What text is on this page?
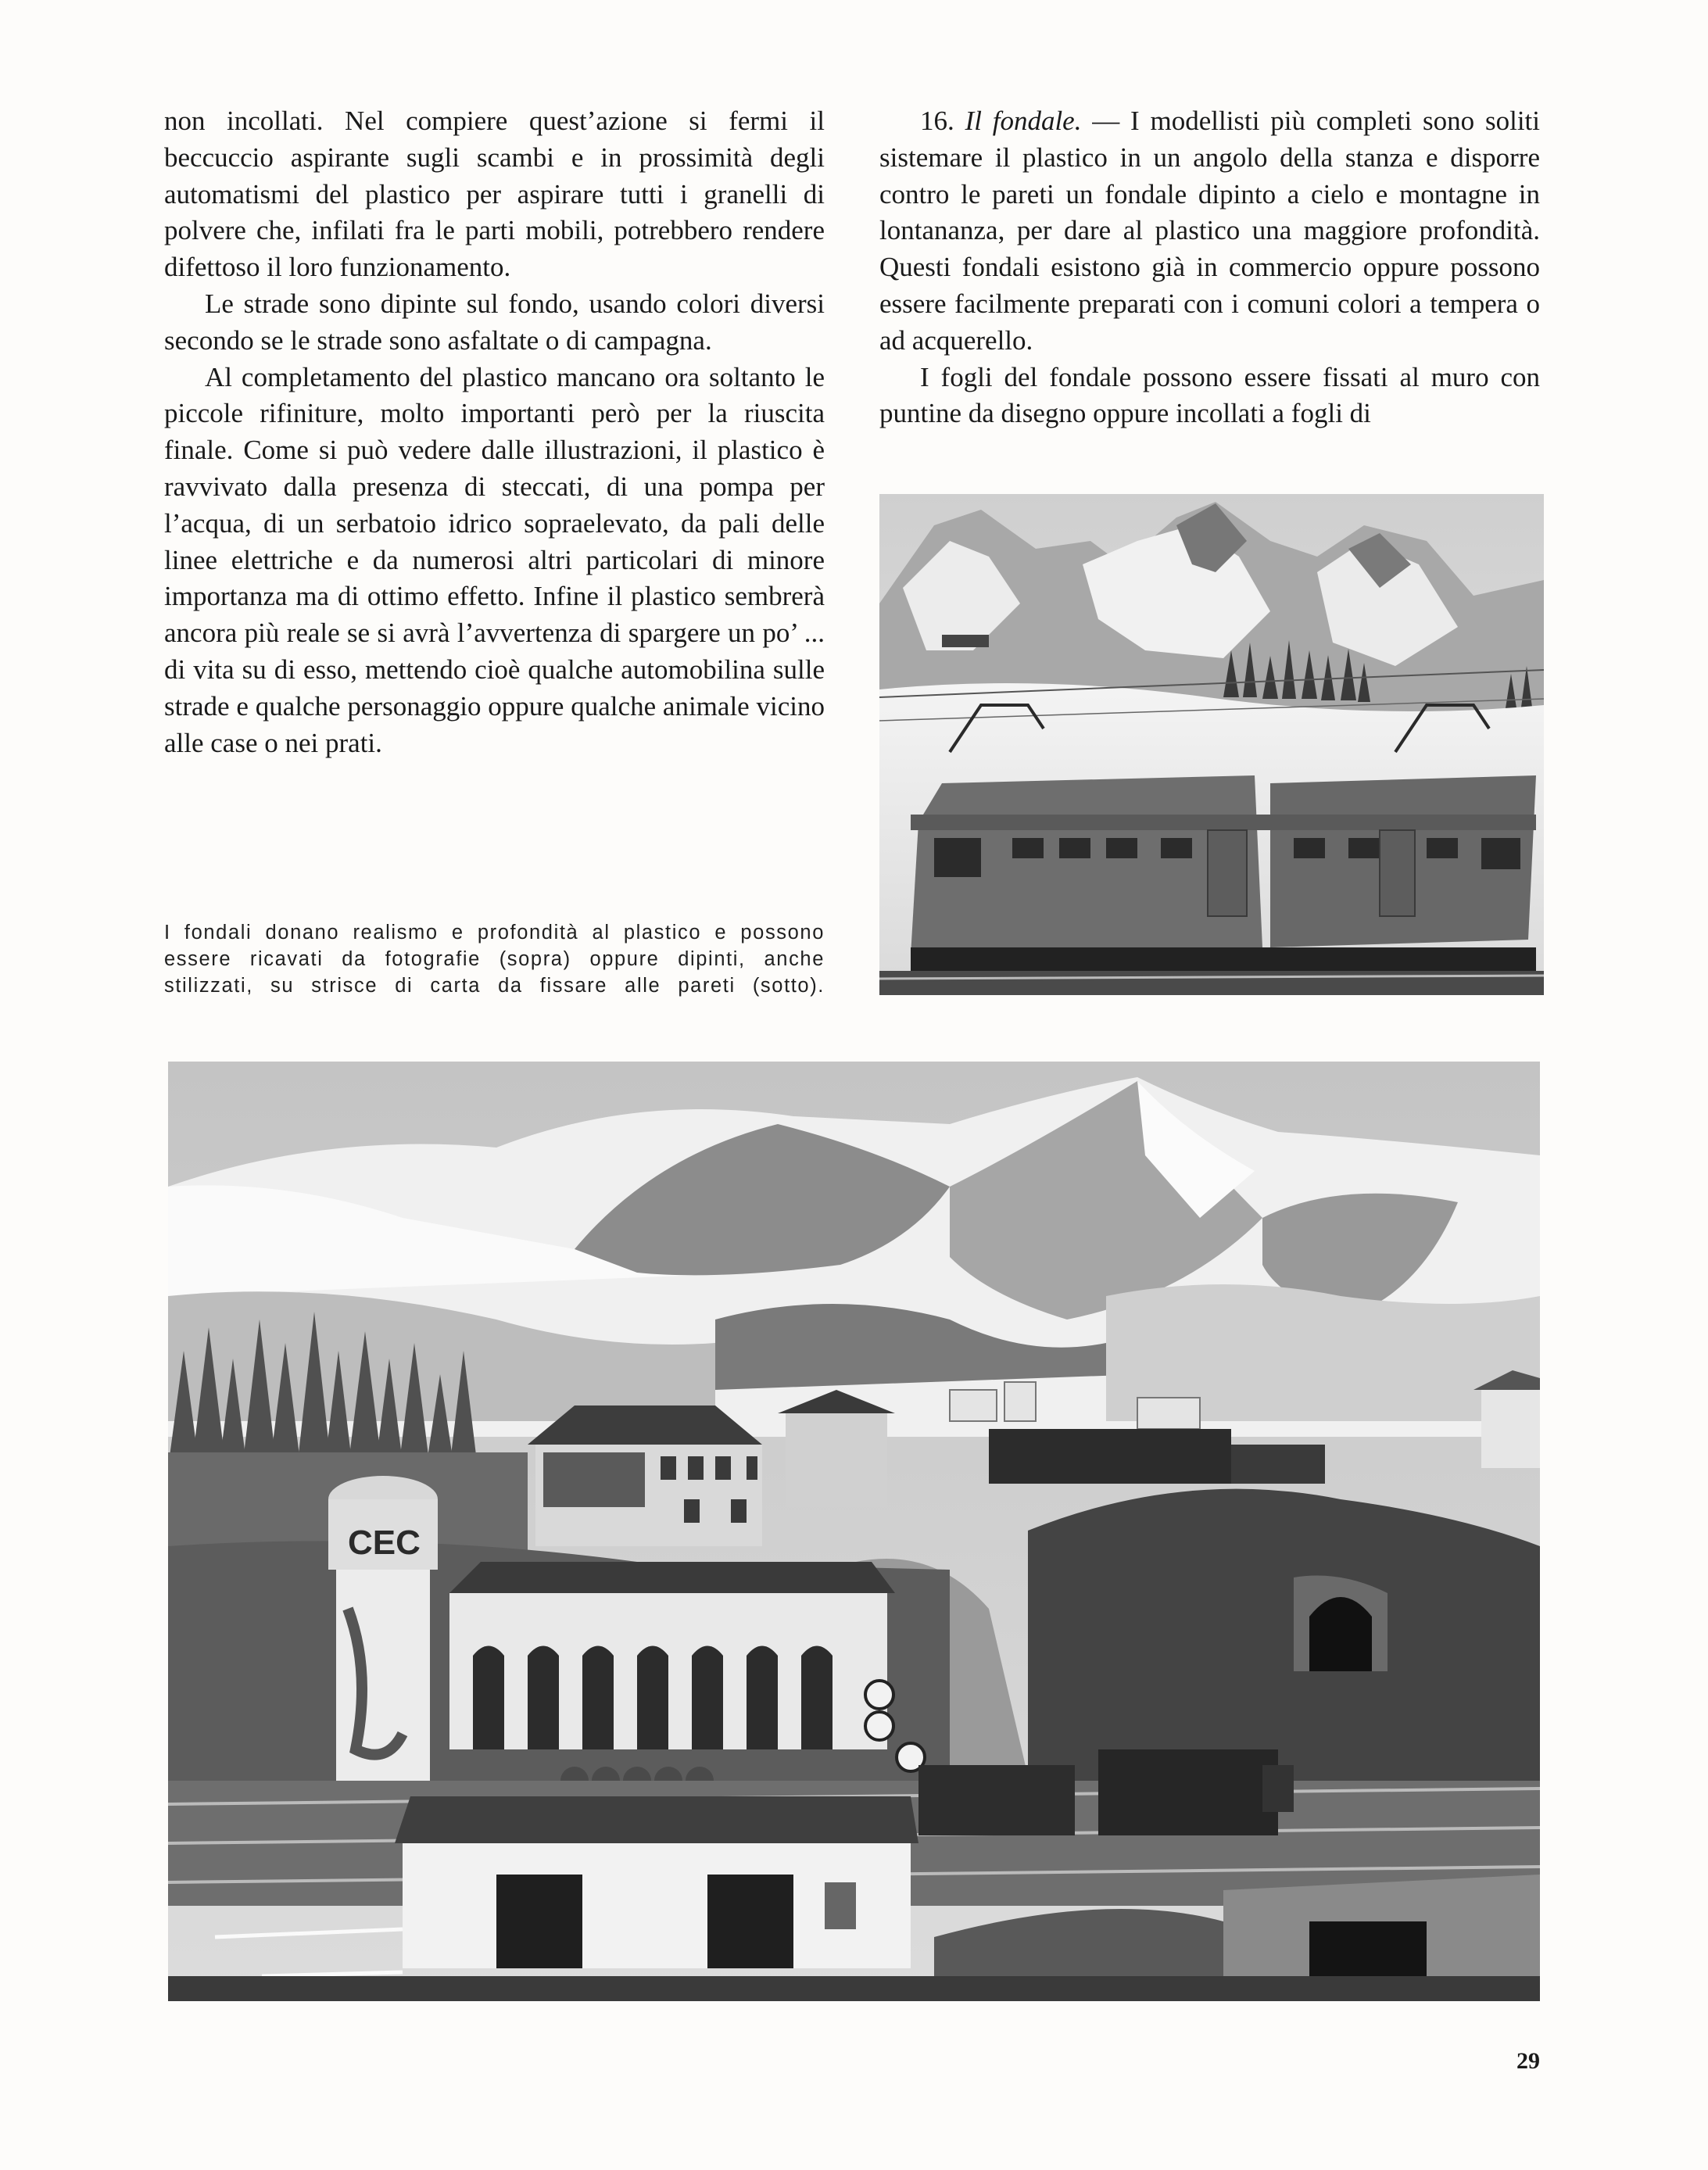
non incollati. Nel compiere quest’azione si fermi il beccuccio aspirante sugli scambi e in prossimità degli automatismi del plastico per aspirare tutti i granelli di polvere che, infilati fra le parti mobili, potrebbero rendere difettoso il loro funzionamento.

Le strade sono dipinte sul fondo, usando colori diversi secondo se le strade sono asfaltate o di campagna.

Al completamento del plastico mancano ora soltanto le piccole rifiniture, molto importanti però per la riuscita finale. Come si può vedere dalle illustrazioni, il plastico è ravvivato dalla presenza di steccati, di una pompa per l’acqua, di un serbatoio idrico sopraelevato, da pali delle linee elettriche e da numerosi altri particolari di minore importanza ma di ottimo effetto. Infine il plastico sembrerà ancora più reale se si avrà l’avvertenza di spargere un po’ ... di vita su di esso, mettendo cioè qualche automobilina sulle strade e qualche personaggio oppure qualche animale vicino alle case o nei prati.

16. Il fondale. — I modellisti più completi sono soliti sistemare il plastico in un angolo della stanza e disporre contro le pareti un fondale dipinto a cielo e montagne in lontananza, per dare al plastico una maggiore profondità. Questi fondali esistono già in commercio oppure possono essere facilmente preparati con i comuni colori a tempera o ad acquerello.

I fogli del fondale possono essere fissati al muro con puntine da disegno oppure incollati a fogli di

I fondali donano realismo e profondità al plastico e possono
essere ricavati da fotografie (sopra) oppure dipinti, anche
stilizzati, su strisce di carta da fissare alle pareti (sotto).
CEC
29
